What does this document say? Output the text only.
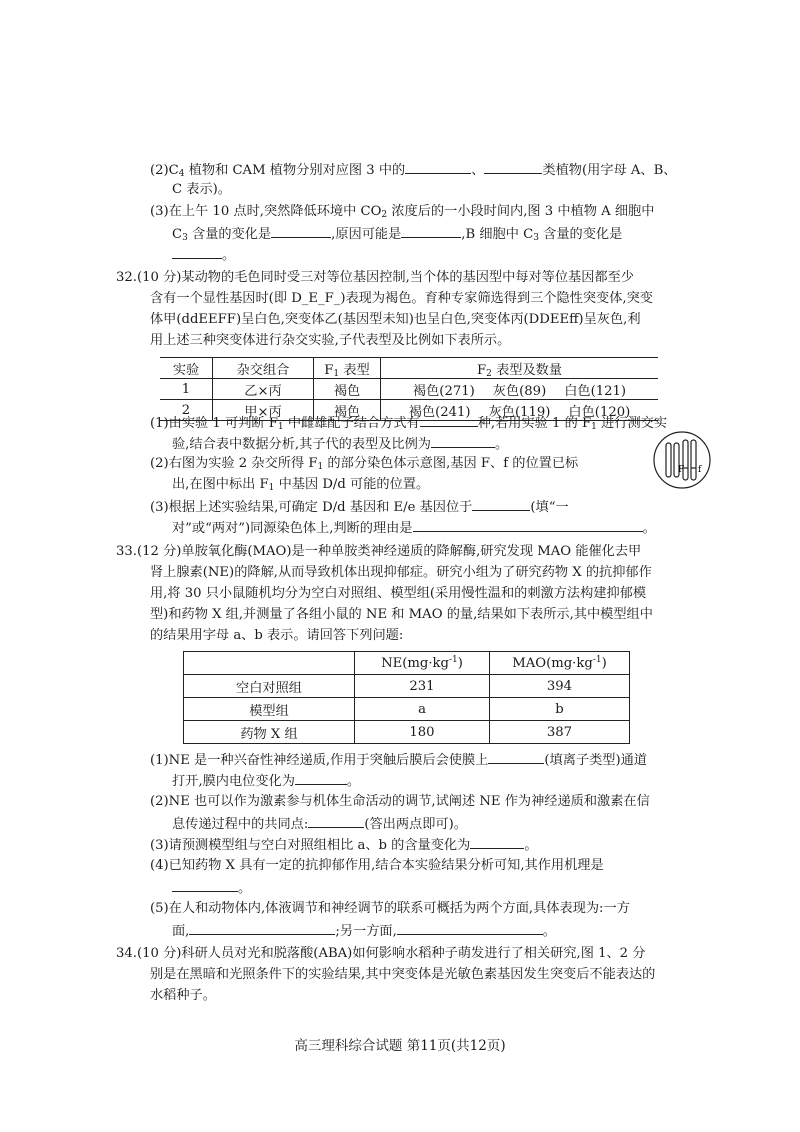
$(2)C_4$ 植物和 CAM 植物分别对应图 3 中的	、	类植物(用字母 A、B、
C 表示)。
(3)在上午 10 点时,突然降低环境中 $CO_2$ 浓度后的一小段时间内,图 3 中植物 A 细胞中
$C_3$ 含量的变化是	,原因可能是	,B 细胞中 $C_3$ 含量的变化是
。
32.(10 分)某动物的毛色同时受三对等位基因控制,当个体的基因型中每对等位基因都至少
含有一个显性基因时(即 D_E_F_)表现为褐色。育种专家筛选得到三个隐性突变体,突变
体甲(ddEEFF)呈白色,突变体乙(基因型未知)也呈白色,突变体丙(DDEEff)呈灰色,利
用上述三种突变体进行杂交实验,子代表型及比例如下表所示。
实验	杂交组合	$F_1$ 表型	$F_2$ 表型及数量
1	乙×丙	褐色	褐色(271) 灰色(89) 白色(121)
2	甲×丙	褐色	褐色(241) 灰色(119) 白色(120)
(1)由实验 1 可判断 $F_1$ 中雌雄配子结合方式有	种,若用实验 1 的 $F_1$ 进行测交实
验,结合表中数据分析,其子代的表型及比例为	。
(2)右图为实验 2 杂交所得 $F_1$ 的部分染色体示意图,基因 F、f 的位置已标
出,在图中标出 $F_1$ 中基因 D/d 可能的位置。
(3)根据上述实验结果,可确定 D/d 基因和 E/e 基因位于	(填“一
对”或“两对”)同源染色体上,判断的理由是	。
F f
33.(12 分)单胺氧化酶(MAO)是一种单胺类神经递质的降解酶,研究发现 MAO 能催化去甲
肾上腺素(NE)的降解,从而导致机体出现抑郁症。研究小组为了研究药物 X 的抗抑郁作
用,将 30 只小鼠随机均分为空白对照组、模型组(采用慢性温和的刺激方法构建抑郁模
型)和药物 X 组,并测量了各组小鼠的 NE 和 MAO 的量,结果如下表所示,其中模型组中
的结果用字母 a、b 表示。请回答下列问题:
	$NE(mg\cdot kg^{-1})$	$MAO(mg\cdot kg^{-1})$
空白对照组	231	394
模型组	a	b
药物 X 组	180	387
(1)NE 是一种兴奋性神经递质,作用于突触后膜后会使膜上	(填离子类型)通道
打开,膜内电位变化为	。
(2)NE 也可以作为激素参与机体生命活动的调节,试阐述 NE 作为神经递质和激素在信
息传递过程中的共同点:	(答出两点即可)。
(3)请预测模型组与空白对照组相比 a、b 的含量变化为	。
(4)已知药物 X 具有一定的抗抑郁作用,结合本实验结果分析可知,其作用机理是
。
(5)在人和动物体内,体液调节和神经调节的联系可概括为两个方面,具体表现为:一方
面,	;另一方面,	。
34.(10 分)科研人员对光和脱落酸(ABA)如何影响水稻种子萌发进行了相关研究,图 1、2 分
别是在黑暗和光照条件下的实验结果,其中突变体是光敏色素基因发生突变后不能表达的
水稻种子。
高三理科综合试题 第11页(共12页)
